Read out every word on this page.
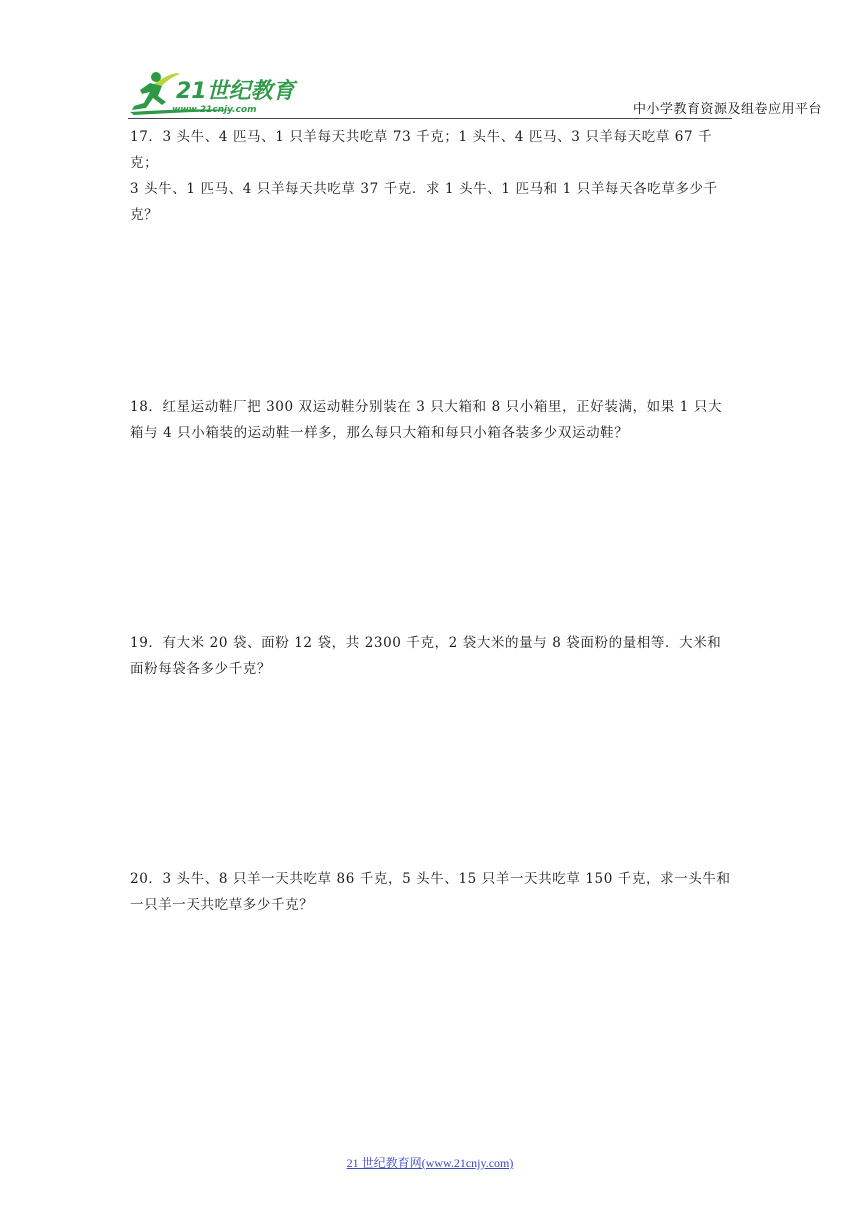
21世纪教育
www.21cnjy.com	中小学教育资源及组卷应用平台

17．3 头牛、4 匹马、1 只羊每天共吃草 73 千克；1 头牛、4 匹马、3 只羊每天吃草 67 千克；

3 头牛、1 匹马、4 只羊每天共吃草 37 千克．求 1 头牛、1 匹马和 1 只羊每天各吃草多少千

克？

18．红星运动鞋厂把 300 双运动鞋分别装在 3 只大箱和 8 只小箱里，正好装满，如果 1 只大

箱与 4 只小箱装的运动鞋一样多，那么每只大箱和每只小箱各装多少双运动鞋？

19．有大米 20 袋、面粉 12 袋，共 2300 千克，2 袋大米的量与 8 袋面粉的量相等．大米和

面粉每袋各多少千克？

20．3 头牛、8 只羊一天共吃草 86 千克，5 头牛、15 只羊一天共吃草 150 千克，求一头牛和

一只羊一天共吃草多少千克？

21 世纪教育网(www.21cnjy.com)
